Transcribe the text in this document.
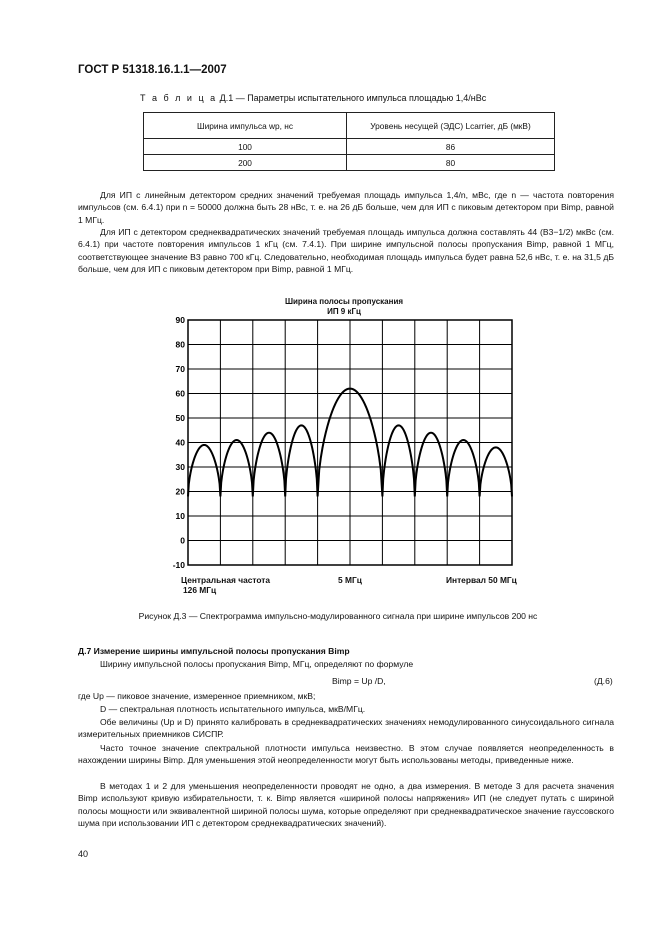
ГОСТ Р 51318.16.1.1—2007
Т а б л и ц а Д.1 — Параметры испытательного импульса площадью 1,4/нВс
Ширина импульса wp, нс	Уровень несущей (ЭДС) Lcarrier, дБ (мкВ)
100	86
200	80

Для ИП с линейным детектором средних значений требуемая площадь импульса 1,4/n, мВс, где n — частота повторения импульсов (см. 6.4.1) при n = 50000 должна быть 28 нВс, т. е. на 26 дБ больше, чем для ИП с пиковым детектором при Bimp, равной 1 МГц.

Для ИП с детектором среднеквадратических значений требуемая площадь импульса должна составлять 44 (B3−1/2) мкВс (см. 6.4.1) при частоте повторения импульсов 1 кГц (см. 7.4.1). При ширине импульсной полосы пропускания Bimp, равной 1 МГц, соответствующее значение B3 равно 700 кГц. Следовательно, необходимая площадь импульса будет равна 52,6 нВс, т. е. на 31,5 дБ больше, чем для ИП с пиковым детектором при Bimp, равной 1 МГц.

Ширина полосы пропускания
ИП 9 кГц
90
80
70
60
50
40
30
20
10
0
-10
Центральная частота
126 МГц
5 МГц	Интервал 50 МГц
Рисунок Д.3 — Спектрограмма импульсно-модулированного сигнала при ширине импульсов 200 нс
Д.7 Измерение ширины импульсной полосы пропускания Bimp

Ширину импульсной полосы пропускания Bimp, МГц, определяют по формуле

Bimp = Up /D,	(Д.6)

где Up — пиковое значение, измеренное приемником, мкВ;

D — спектральная плотность испытательного импульса, мкВ/МГц.

Обе величины (Up и D) принято калибровать в среднеквадратических значениях немодулированного синусоидального сигнала измерительных приемников СИСПР.

Часто точное значение спектральной плотности импульса неизвестно. В этом случае появляется неопределенность в нахождении ширины Bimp. Для уменьшения этой неопределенности могут быть использованы методы, приведенные ниже.

В методах 1 и 2 для уменьшения неопределенности проводят не одно, а два измерения. В методе 3 для расчета значения Bimp используют кривую избирательности, т. к. Bimp является «шириной полосы напряжения» ИП (не следует путать с шириной полосы мощности или эквивалентной шириной полосы шума, которые определяют при среднеквадратическое значение гауссовского шума при использовании ИП с детектором среднеквадратических значений).

40
